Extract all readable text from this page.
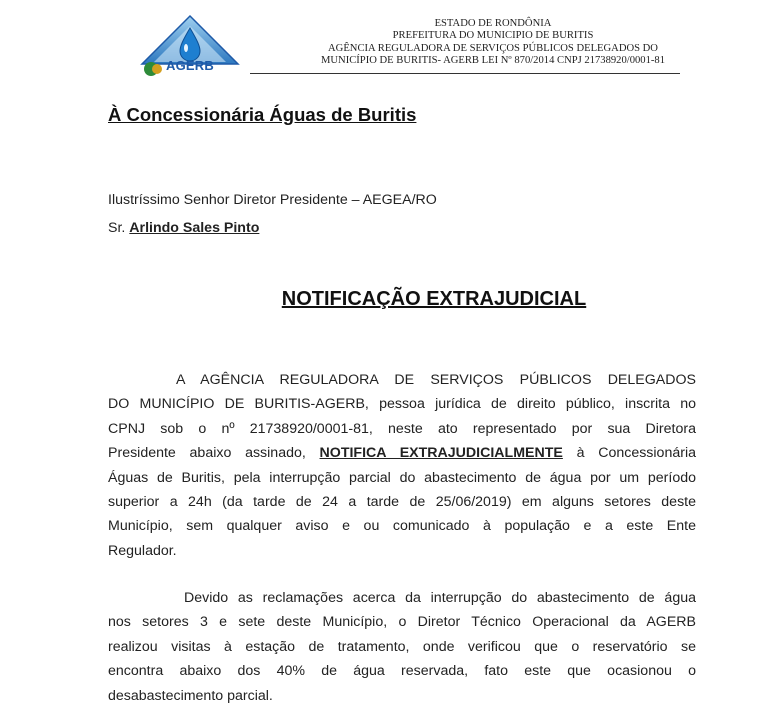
AGERB
ESTADO DE RONDÔNIA
PREFEITURA DO MUNICIPIO DE BURITIS
AGÊNCIA REGULADORA DE SERVIÇOS PÚBLICOS DELEGADOS DO
MUNICÍPIO DE BURITIS- AGERB LEI Nº 870/2014 CNPJ 21738920/0001-81
À Concessionária Águas de Buritis
Ilustríssimo Senhor Diretor Presidente – AEGEA/RO
Sr. Arlindo Sales Pinto
NOTIFICAÇÃO EXTRAJUDICIAL
A AGÊNCIA REGULADORA DE SERVIÇOS PÚBLICOS DELEGADOS
DO MUNICÍPIO DE BURITIS-AGERB, pessoa jurídica de direito público, inscrita no
CPNJ sob o nº 21738920/0001-81, neste ato representado por sua Diretora
Presidente abaixo assinado, NOTIFICA EXTRAJUDICIALMENTE à Concessionária
Águas de Buritis, pela interrupção parcial do abastecimento de água por um período
superior a 24h (da tarde de 24 a tarde de 25/06/2019) em alguns setores deste
Município, sem qualquer aviso e ou comunicado à população e a este Ente
Regulador.
Devido as reclamações acerca da interrupção do abastecimento de água
nos setores 3 e sete deste Município, o Diretor Técnico Operacional da AGERB
realizou visitas à estação de tratamento, onde verificou que o reservatório se
encontra abaixo dos 40% de água reservada, fato este que ocasionou o
desabastecimento parcial.
